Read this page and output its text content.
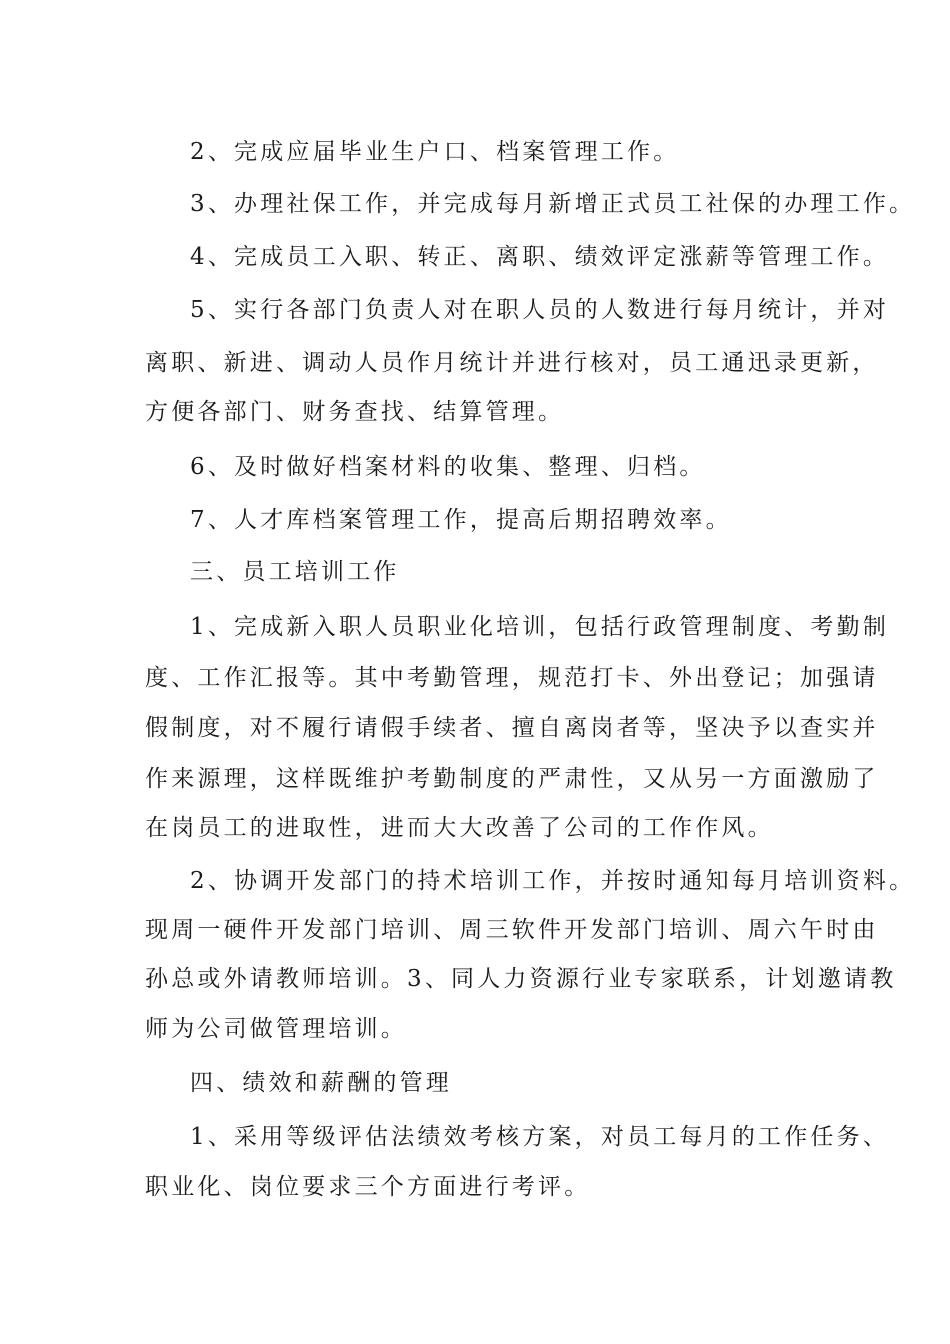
2、完成应届毕业生户口、档案管理工作。
3、办理社保工作，并完成每月新增正式员工社保的办理工作。
4、完成员工入职、转正、离职、绩效评定涨薪等管理工作。
5、实行各部门负责人对在职人员的人数进行每月统计，并对
离职、新进、调动人员作月统计并进行核对，员工通迅录更新，
方便各部门、财务查找、结算管理。
6、及时做好档案材料的收集、整理、归档。
7、人才库档案管理工作，提高后期招聘效率。
三、员工培训工作
1、完成新入职人员职业化培训，包括行政管理制度、考勤制
度、工作汇报等。其中考勤管理，规范打卡、外出登记；加强请
假制度，对不履行请假手续者、擅自离岗者等，坚决予以查实并
作来源理，这样既维护考勤制度的严肃性，又从另一方面激励了
在岗员工的进取性，进而大大改善了公司的工作作风。
2、协调开发部门的持术培训工作，并按时通知每月培训资料。
现周一硬件开发部门培训、周三软件开发部门培训、周六午时由
孙总或外请教师培训。3、同人力资源行业专家联系，计划邀请教
师为公司做管理培训。
四、绩效和薪酬的管理
1、采用等级评估法绩效考核方案，对员工每月的工作任务、
职业化、岗位要求三个方面进行考评。
